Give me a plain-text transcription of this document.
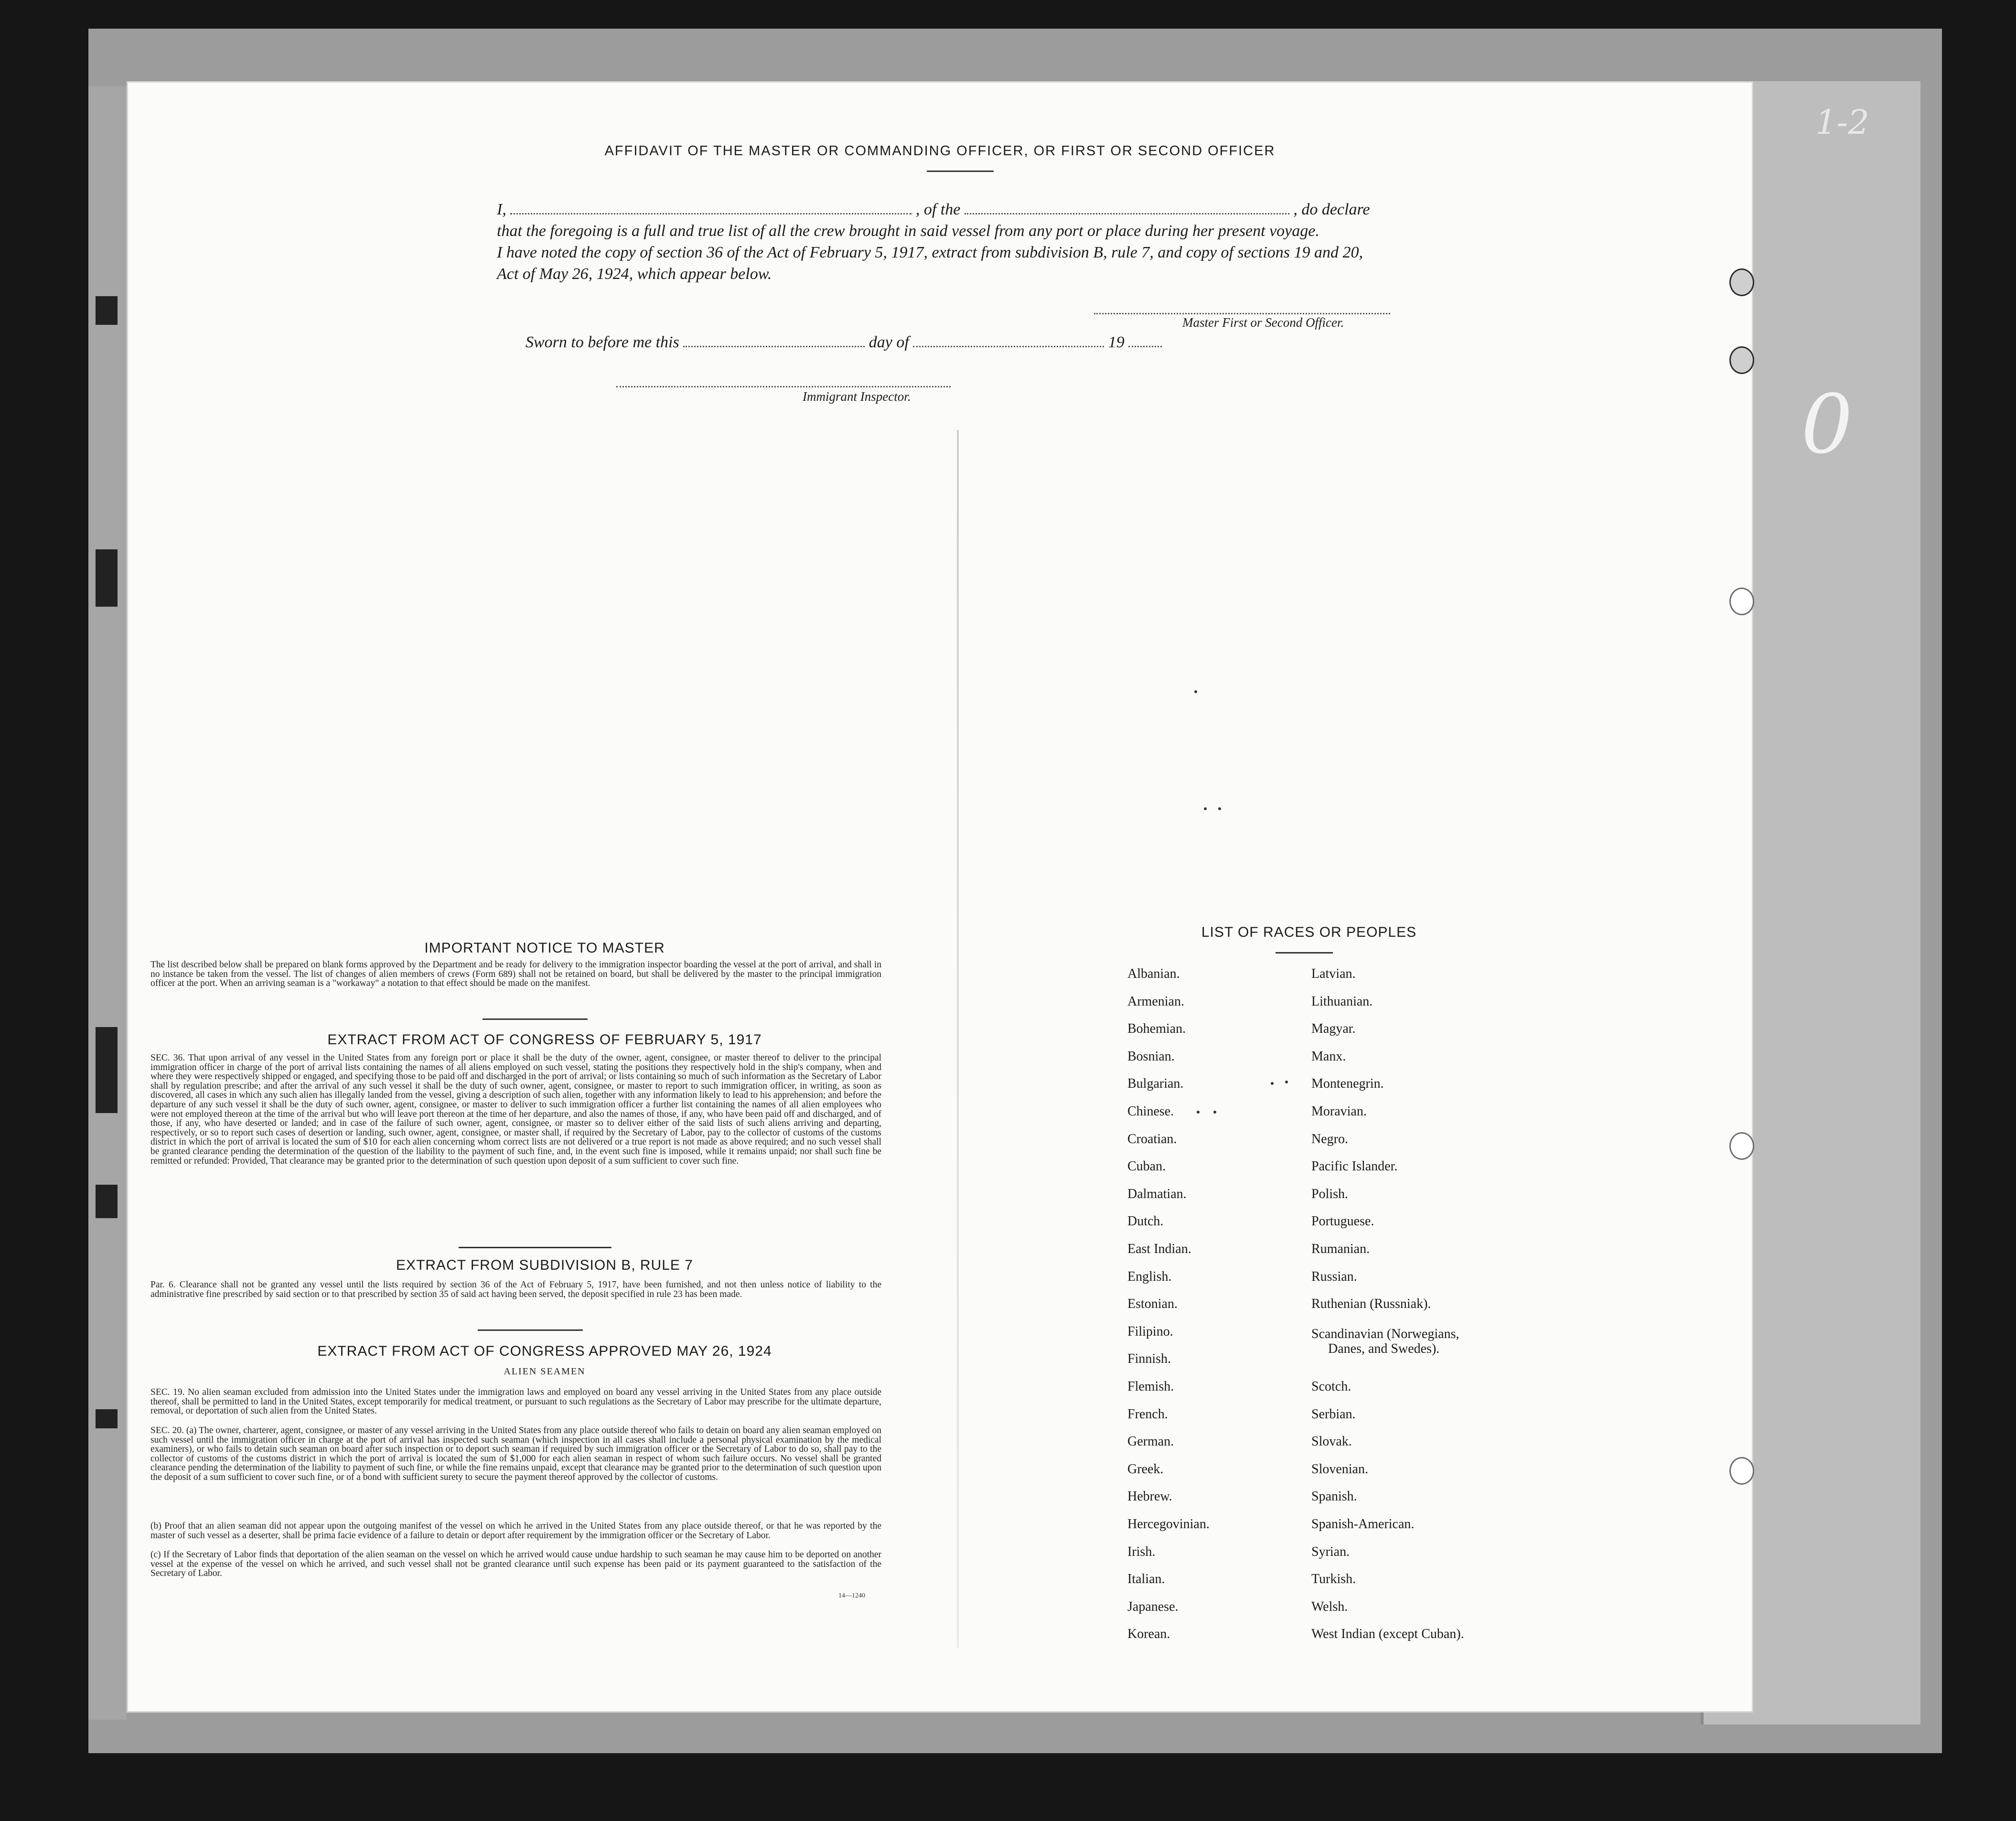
1-2
0
AFFIDAVIT OF THE MASTER OR COMMANDING OFFICER, OR FIRST OR SECOND OFFICER
I,	, of the	, do declare
that the foregoing is a full and true list of all the crew brought in said vessel from any port or place during her present voyage.
I have noted the copy of section 36 of the Act of February 5, 1917, extract from subdivision B, rule 7, and copy of sections 19 and 20,
Act of May 26, 1924, which appear below.
Master First or Second Officer.
Sworn to before me this	day of	19
Immigrant Inspector.
IMPORTANT NOTICE TO MASTER
The list described below shall be prepared on blank forms approved by the Department and be ready for delivery to the immigration inspector boarding the vessel at the port of arrival, and shall in no instance be taken from the vessel. The list of changes of alien members of crews (Form 689) shall not be retained on board, but shall be delivered by the master to the principal immigration officer at the port. When an arriving seaman is a "workaway" a notation to that effect should be made on the manifest.
EXTRACT FROM ACT OF CONGRESS OF FEBRUARY 5, 1917
SEC. 36. That upon arrival of any vessel in the United States from any foreign port or place it shall be the duty of the owner, agent, consignee, or master thereof to deliver to the principal immigration officer in charge of the port of arrival lists containing the names of all aliens employed on such vessel, stating the positions they respectively hold in the ship's company, when and where they were respectively shipped or engaged, and specifying those to be paid off and discharged in the port of arrival; or lists containing so much of such information as the Secretary of Labor shall by regulation prescribe; and after the arrival of any such vessel it shall be the duty of such owner, agent, consignee, or master to report to such immigration officer, in writing, as soon as discovered, all cases in which any such alien has illegally landed from the vessel, giving a description of such alien, together with any information likely to lead to his apprehension; and before the departure of any such vessel it shall be the duty of such owner, agent, consignee, or master to deliver to such immigration officer a further list containing the names of all alien employees who were not employed thereon at the time of the arrival but who will leave port thereon at the time of her departure, and also the names of those, if any, who have been paid off and discharged, and of those, if any, who have deserted or landed; and in case of the failure of such owner, agent, consignee, or master so to deliver either of the said lists of such aliens arriving and departing, respectively, or so to report such cases of desertion or landing, such owner, agent, consignee, or master shall, if required by the Secretary of Labor, pay to the collector of customs of the customs district in which the port of arrival is located the sum of $10 for each alien concerning whom correct lists are not delivered or a true report is not made as above required; and no such vessel shall be granted clearance pending the determination of the question of the liability to the payment of such fine, and, in the event such fine is imposed, while it remains unpaid; nor shall such fine be remitted or refunded: Provided, That clearance may be granted prior to the determination of such question upon deposit of a sum sufficient to cover such fine.
EXTRACT FROM SUBDIVISION B, RULE 7
Par. 6. Clearance shall not be granted any vessel until the lists required by section 36 of the Act of February 5, 1917, have been furnished, and not then unless notice of liability to the administrative fine prescribed by said section or to that prescribed by section 35 of said act having been served, the deposit specified in rule 23 has been made.
EXTRACT FROM ACT OF CONGRESS APPROVED MAY 26, 1924
ALIEN SEAMEN
SEC. 19. No alien seaman excluded from admission into the United States under the immigration laws and employed on board any vessel arriving in the United States from any place outside thereof, shall be permitted to land in the United States, except temporarily for medical treatment, or pursuant to such regulations as the Secretary of Labor may prescribe for the ultimate departure, removal, or deportation of such alien from the United States.
SEC. 20. (a) The owner, charterer, agent, consignee, or master of any vessel arriving in the United States from any place outside thereof who fails to detain on board any alien seaman employed on such vessel until the immigration officer in charge at the port of arrival has inspected such seaman (which inspection in all cases shall include a personal physical examination by the medical examiners), or who fails to detain such seaman on board after such inspection or to deport such seaman if required by such immigration officer or the Secretary of Labor to do so, shall pay to the collector of customs of the customs district in which the port of arrival is located the sum of $1,000 for each alien seaman in respect of whom such failure occurs. No vessel shall be granted clearance pending the determination of the liability to payment of such fine, or while the fine remains unpaid, except that clearance may be granted prior to the determination of such question upon the deposit of a sum sufficient to cover such fine, or of a bond with sufficient surety to secure the payment thereof approved by the collector of customs.
(b) Proof that an alien seaman did not appear upon the outgoing manifest of the vessel on which he arrived in the United States from any place outside thereof, or that he was reported by the master of such vessel as a deserter, shall be prima facie evidence of a failure to detain or deport after requirement by the immigration officer or the Secretary of Labor.
(c) If the Secretary of Labor finds that deportation of the alien seaman on the vessel on which he arrived would cause undue hardship to such seaman he may cause him to be deported on another vessel at the expense of the vessel on which he arrived, and such vessel shall not be granted clearance until such expense has been paid or its payment guaranteed to the satisfaction of the Secretary of Labor.
14—1240
LIST OF RACES OR PEOPLES
Albanian.
Armenian.
Bohemian.
Bosnian.
Bulgarian.
Chinese.
Croatian.
Cuban.
Dalmatian.
Dutch.
East Indian.
English.
Estonian.
Filipino.
Finnish.
Flemish.
French.
German.
Greek.
Hebrew.
Hercegovinian.
Irish.
Italian.
Japanese.
Korean.
Latvian.
Lithuanian.
Magyar.
Manx.
Montenegrin.
Moravian.
Negro.
Pacific Islander.
Polish.
Portuguese.
Rumanian.
Russian.
Ruthenian (Russniak).
Scandinavian (Norwegians,
Danes, and Swedes).
Scotch.
Serbian.
Slovak.
Slovenian.
Spanish.
Spanish-American.
Syrian.
Turkish.
Welsh.
West Indian (except Cuban).
